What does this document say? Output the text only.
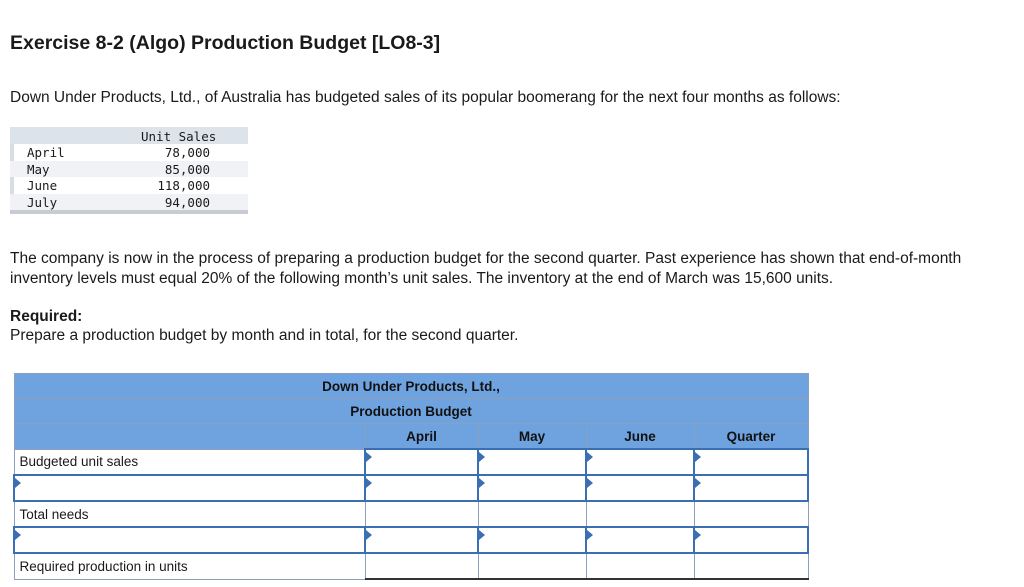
Exercise 8-2 (Algo) Production Budget [LO8-3]

Down Under Products, Ltd., of Australia has budgeted sales of its popular boomerang for the next four months as follows:

Unit Sales
April	78,000
May	85,000
June	118,000
July	94,000

The company is now in the process of preparing a production budget for the second quarter. Past experience has shown that end-of-month inventory levels must equal 20% of the following month’s unit sales. The inventory at the end of March was 15,600 units.

Required:

Prepare a production budget by month and in total, for the second quarter.

Down Under Products, Ltd.,				
Production Budget				
	April	May	June	Quarter
Budgeted unit sales	

Total needs				

Required production in units				
